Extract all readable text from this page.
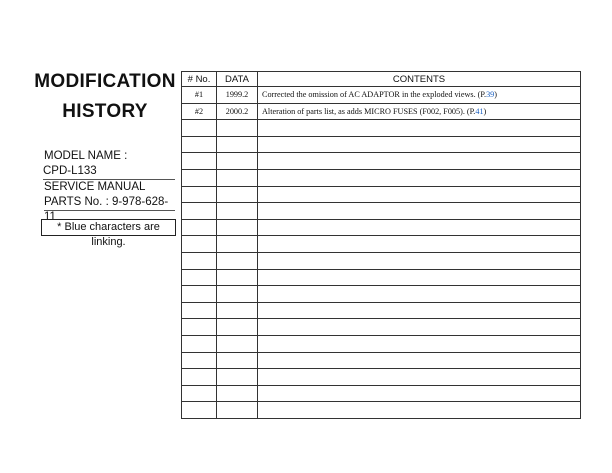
MODIFICATION
HISTORY
MODEL NAME :
CPD-L133
SERVICE MANUAL
PARTS No. : 9-978-628-11
* Blue characters are linking.
# No.	DATA	CONTENTS
#1	1999.2	Corrected the omission of AC ADAPTOR in the exploded views. (P.39)
#2	2000.2	Alteration of parts list, as adds MICRO FUSES (F002, F005). (P.41)
